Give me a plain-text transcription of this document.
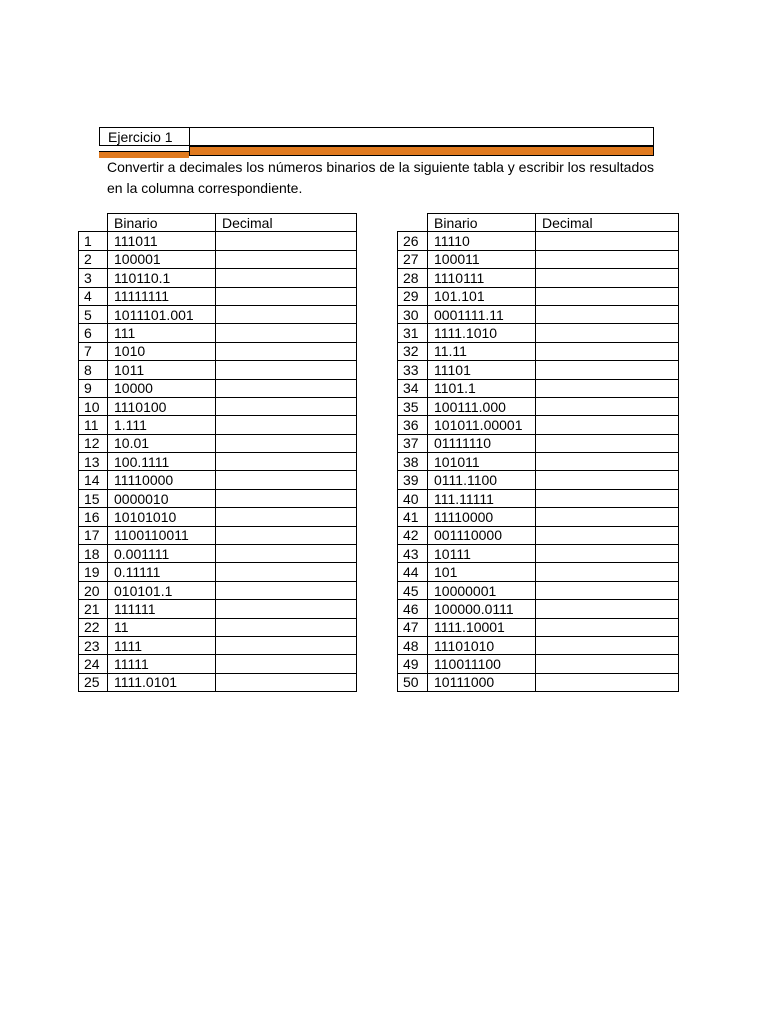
Ejercicio 1
Convertir a decimales los números binarios de la siguiente tabla y escribir los resultados en la columna correspondiente.
	Binario	Decimal
1	111011	
2	100001	
3	110110.1	
4	11111111	
5	1011101.001	
6	111	
7	1010	
8	1011	
9	10000	
10	1110100	
11	1.111	
12	10.01	
13	100.1111	
14	11110000	
15	0000010	
16	10101010	
17	1100110011	
18	0.001111	
19	0.11111	
20	010101.1	
21	111111	
22	11	
23	1111	
24	11111	
25	1111.0101	
	Binario	Decimal
26	11110	
27	100011	
28	1110111	
29	101.101	
30	0001111.11	
31	1111.1010	
32	11.11	
33	11101	
34	1101.1	
35	100111.000	
36	101011.00001	
37	01111110	
38	101011	
39	0111.1100	
40	111.11111	
41	11110000	
42	001110000	
43	10111	
44	101	
45	10000001	
46	100000.0111	
47	1111.10001	
48	11101010	
49	110011100	
50	10111000	
